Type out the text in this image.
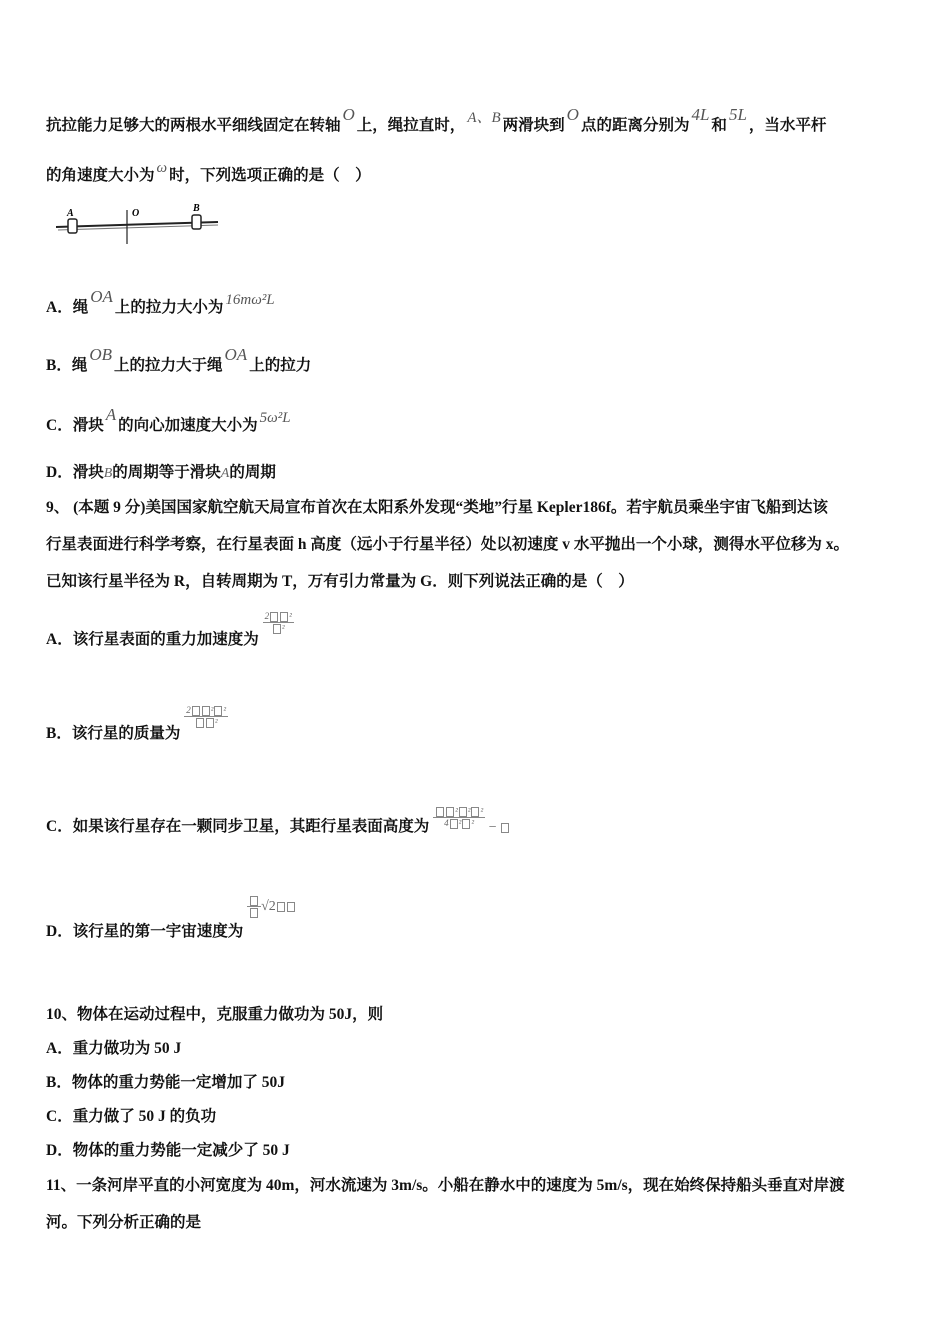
抗拉能力足够大的两根水平细线固定在转轴O上，绳拉直时， A、B 两滑块到O点的距离分别为4L和5L，当水平杆
的角速度大小为 ω 时，下列选项正确的是（　）
A	O	B
A．绳OA上的拉力大小为 16mω²L
B．绳OB上的拉力大于绳OA上的拉力
C．滑块A的向心加速度大小为 5ω²L
D．滑块B的周期等于滑块A的周期
9、 (本题 9 分)美国国家航空航天局宣布首次在太阳系外发现“类地”行星 Kepler186f。若宇航员乘坐宇宙飞船到达该
行星表面进行科学考察，在行星表面 h 高度（远小于行星半径）处以初速度 v 水平抛出一个小球，测得水平位移为 x。
已知该行星半径为 R，自转周期为 T，万有引力常量为 G．则下列说法正确的是（　）
A．该行星表面的重力加速度为
$\frac{\text{2 ²}}{\text{²}}$
B．该行星的质量为
$\frac{\text{2 ² ²}}{\text{²}}$
C．如果该行星存在一颗同步卫星，其距行星表面高度为 $\frac{\text{² ² ²}}{\text{4 ² ²}}$ −
D．该行星的第一宇宙速度为
√2
10、物体在运动过程中，克服重力做功为 50J，则
A．重力做功为 50 J
B．物体的重力势能一定增加了 50J
C．重力做了 50 J 的负功
D．物体的重力势能一定减少了 50 J
11、一条河岸平直的小河宽度为 40m，河水流速为 3m/s。小船在静水中的速度为 5m/s，现在始终保持船头垂直对岸渡
河。下列分析正确的是
